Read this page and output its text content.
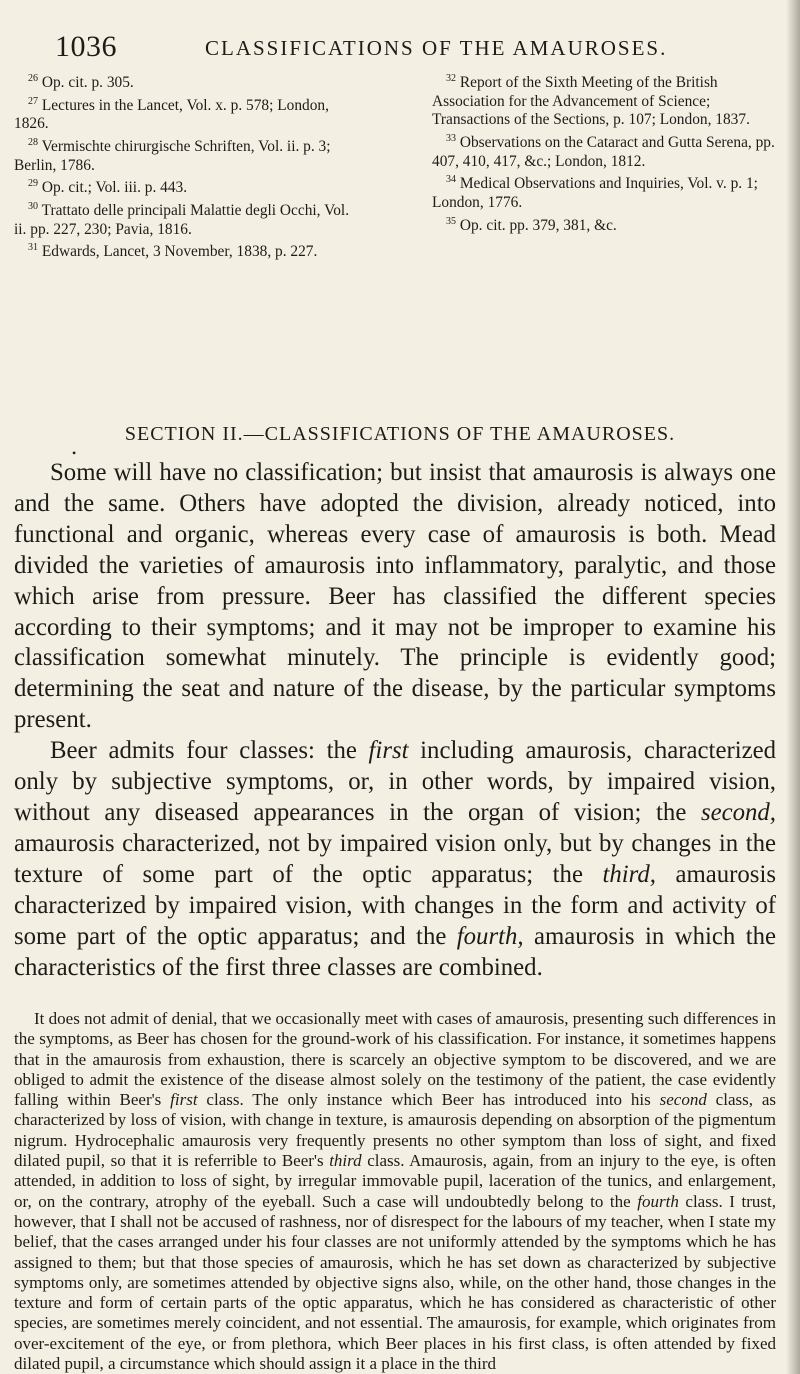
1036	CLASSIFICATIONS OF THE AMAUROSES.

$^{26}$ Op. cit. p. 305.

$^{27}$ Lectures in the Lancet, Vol. x. p. 578; London, 1826.

$^{28}$ Vermischte chirurgische Schriften, Vol. ii. p. 3; Berlin, 1786.

$^{29}$ Op. cit.; Vol. iii. p. 443.

$^{30}$ Trattato delle principali Malattie degli Occhi, Vol. ii. pp. 227, 230; Pavia, 1816.

$^{31}$ Edwards, Lancet, 3 November, 1838, p. 227.

$^{32}$ Report of the Sixth Meeting of the British Association for the Advancement of Science; Transactions of the Sections, p. 107; London, 1837.

$^{33}$ Observations on the Cataract and Gutta Serena, pp. 407, 410, 417, &c.; London, 1812.

$^{34}$ Medical Observations and Inquiries, Vol. v. p. 1; London, 1776.

$^{35}$ Op. cit. pp. 379, 381, &c.

SECTION II.—CLASSIFICATIONS OF THE AMAUROSES.
•

Some will have no classification; but insist that amaurosis is always one and the same. Others have adopted the division, already noticed, into functional and organic, whereas every case of amaurosis is both. Mead divided the varieties of amaurosis into inflammatory, paralytic, and those which arise from pressure. Beer has classified the different species according to their symptoms; and it may not be improper to examine his classification somewhat minutely. The principle is evidently good; determining the seat and nature of the disease, by the particular symptoms present.

Beer admits four classes: the first including amaurosis, characterized only by subjective symptoms, or, in other words, by impaired vision, without any diseased appearances in the organ of vision; the second, amaurosis characterized, not by impaired vision only, but by changes in the texture of some part of the optic apparatus; the third, amaurosis characterized by impaired vision, with changes in the form and activity of some part of the optic apparatus; and the fourth, amaurosis in which the characteristics of the first three classes are combined.

It does not admit of denial, that we occasionally meet with cases of amaurosis, presenting such differences in the symptoms, as Beer has chosen for the ground-work of his classification. For instance, it sometimes happens that in the amaurosis from exhaustion, there is scarcely an objective symptom to be discovered, and we are obliged to admit the existence of the disease almost solely on the testimony of the patient, the case evidently falling within Beer's first class. The only instance which Beer has introduced into his second class, as characterized by loss of vision, with change in texture, is amaurosis depending on absorption of the pigmentum nigrum. Hydrocephalic amaurosis very frequently presents no other symptom than loss of sight, and fixed dilated pupil, so that it is referrible to Beer's third class. Amaurosis, again, from an injury to the eye, is often attended, in addition to loss of sight, by irregular immovable pupil, laceration of the tunics, and enlargement, or, on the contrary, atrophy of the eyeball. Such a case will undoubtedly belong to the fourth class. I trust, however, that I shall not be accused of rashness, nor of disrespect for the labours of my teacher, when I state my belief, that the cases arranged under his four classes are not uniformly attended by the symptoms which he has assigned to them; but that those species of amaurosis, which he has set down as characterized by subjective symptoms only, are sometimes attended by objective signs also, while, on the other hand, those changes in the texture and form of certain parts of the optic apparatus, which he has considered as characteristic of other species, are sometimes merely coincident, and not essential. The amaurosis, for example, which originates from over-excitement of the eye, or from plethora, which Beer places in his first class, is often attended by fixed dilated pupil, a circumstance which should assign it a place in the third
